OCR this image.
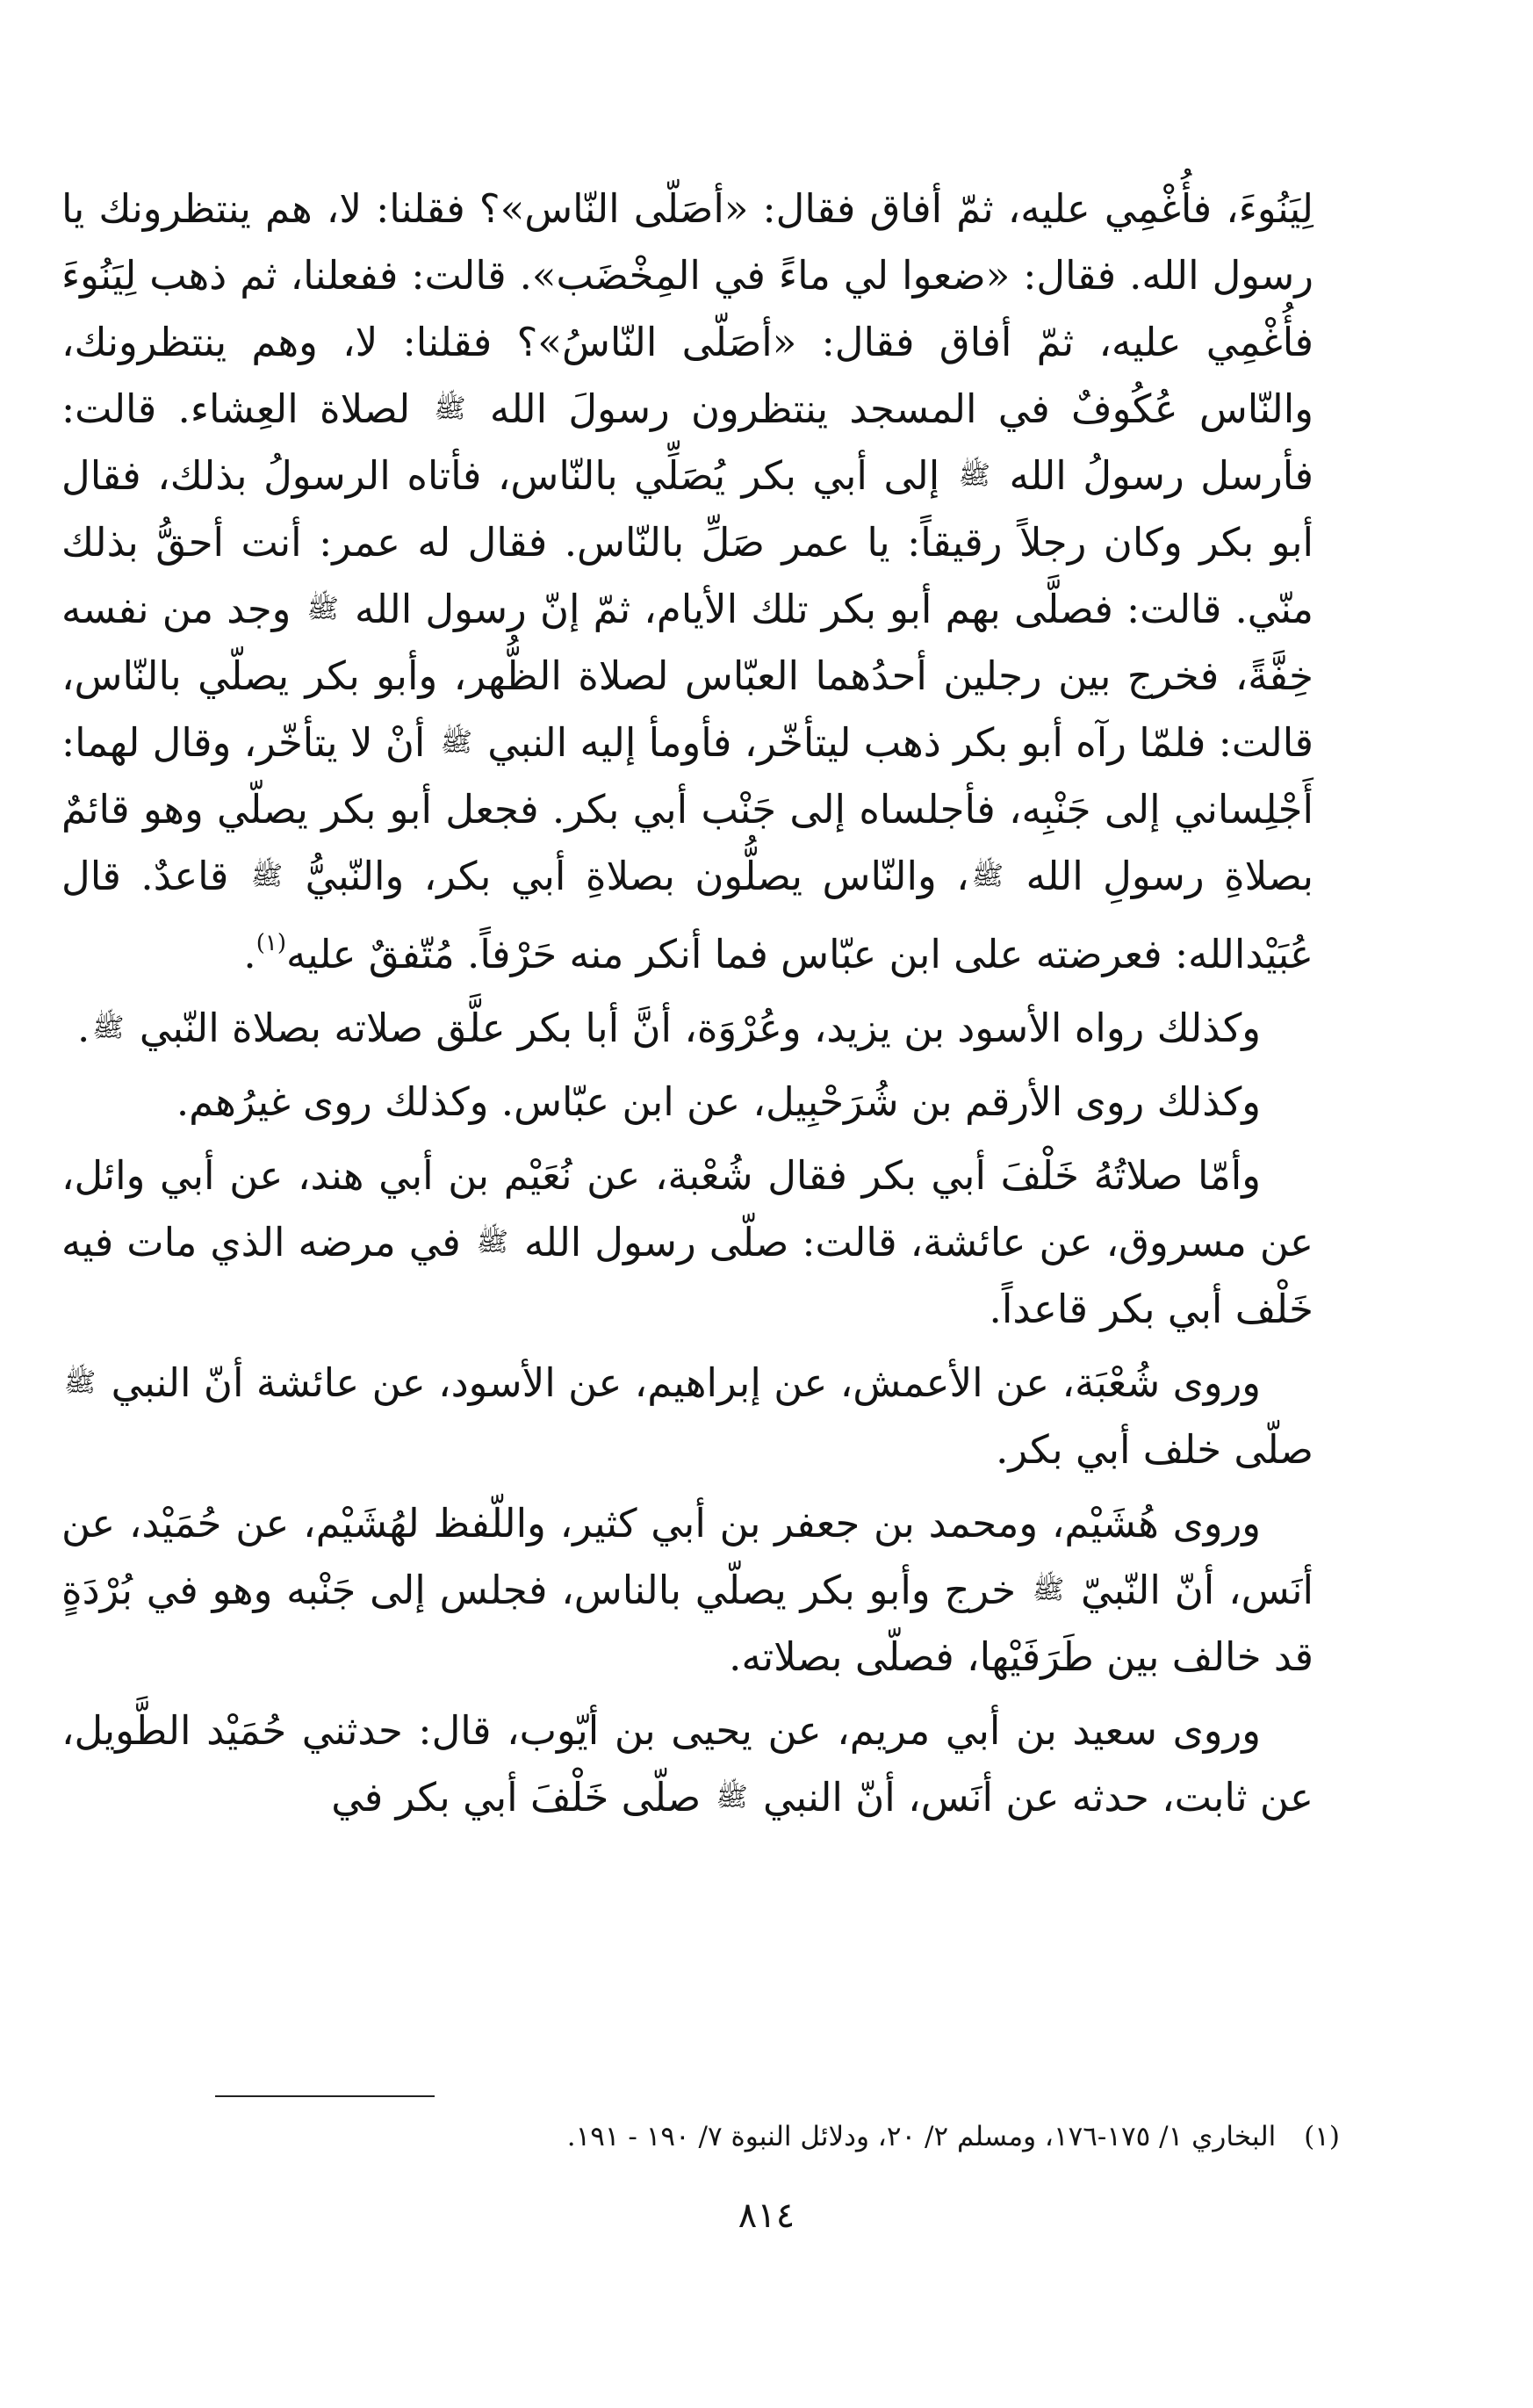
لِيَنُوءَ، فأُغْمِي عليه، ثمّ أفاق فقال: «أصَلّى النّاس»؟ فقلنا: لا، هم ينتظرونك يا رسول الله. فقال: «ضعوا لي ماءً في المِخْضَب». قالت: ففعلنا، ثم ذهب لِيَنُوءَ فأُغْمِي عليه، ثمّ أفاق فقال: «أصَلّى النّاسُ»؟ فقلنا: لا، وهم ينتظرونك، والنّاس عُكُوفٌ في المسجد ينتظرون رسولَ الله ﷺ لصلاة العِشاء. قالت: فأرسل رسولُ الله ﷺ إلى أبي بكر يُصَلِّي بالنّاس، فأتاه الرسولُ بذلك، فقال أبو بكر وكان رجلاً رقيقاً: يا عمر صَلِّ بالنّاس. فقال له عمر: أنت أحقُّ بذلك منّي. قالت: فصلَّى بهم أبو بكر تلك الأيام، ثمّ إنّ رسول الله ﷺ وجد من نفسه خِفَّةً، فخرج بين رجلين أحدُهما العبّاس لصلاة الظُّهر، وأبو بكر يصلّي بالنّاس، قالت: فلمّا رآه أبو بكر ذهب ليتأخّر، فأومأ إليه النبي ﷺ أنْ لا يتأخّر، وقال لهما: أَجْلِساني إلى جَنْبِه، فأجلساه إلى جَنْب أبي بكر. فجعل أبو بكر يصلّي وهو قائمٌ بصلاةِ رسولِ الله ﷺ، والنّاس يصلُّون بصلاةِ أبي بكر، والنّبيُّ ﷺ قاعدٌ. قال عُبَيْدالله: فعرضته على ابن عبّاس فما أنكر منه حَرْفاً. مُتّفقٌ عليه$^{(١)}$.

وكذلك رواه الأسود بن يزيد، وعُرْوَة، أنَّ أبا بكر علَّق صلاته بصلاة النّبي ﷺ.

وكذلك روى الأرقم بن شُرَحْبِيل، عن ابن عبّاس. وكذلك روى غيرُهم.

وأمّا صلاتُهُ خَلْفَ أبي بكر فقال شُعْبة، عن نُعَيْم بن أبي هند، عن أبي وائل، عن مسروق، عن عائشة، قالت: صلّى رسول الله ﷺ في مرضه الذي مات فيه خَلْف أبي بكر قاعداً.

وروى شُعْبَة، عن الأعمش، عن إبراهيم، عن الأسود، عن عائشة أنّ النبي ﷺ صلّى خلف أبي بكر.

وروى هُشَيْم، ومحمد بن جعفر بن أبي كثير، واللّفظ لهُشَيْم، عن حُمَيْد، عن أنَس، أنّ النّبيّ ﷺ خرج وأبو بكر يصلّي بالناس، فجلس إلى جَنْبه وهو في بُرْدَةٍ قد خالف بين طَرَفَيْها، فصلّى بصلاته.

وروى سعيد بن أبي مريم، عن يحيى بن أيّوب، قال: حدثني حُمَيْد الطَّويل، عن ثابت، حدثه عن أنَس، أنّ النبي ﷺ صلّى خَلْفَ أبي بكر في

(١) البخاري ١/ ١٧٥-١٧٦، ومسلم ٢/ ٢٠، ودلائل النبوة ٧/ ١٩٠ - ١٩١.
٨١٤
